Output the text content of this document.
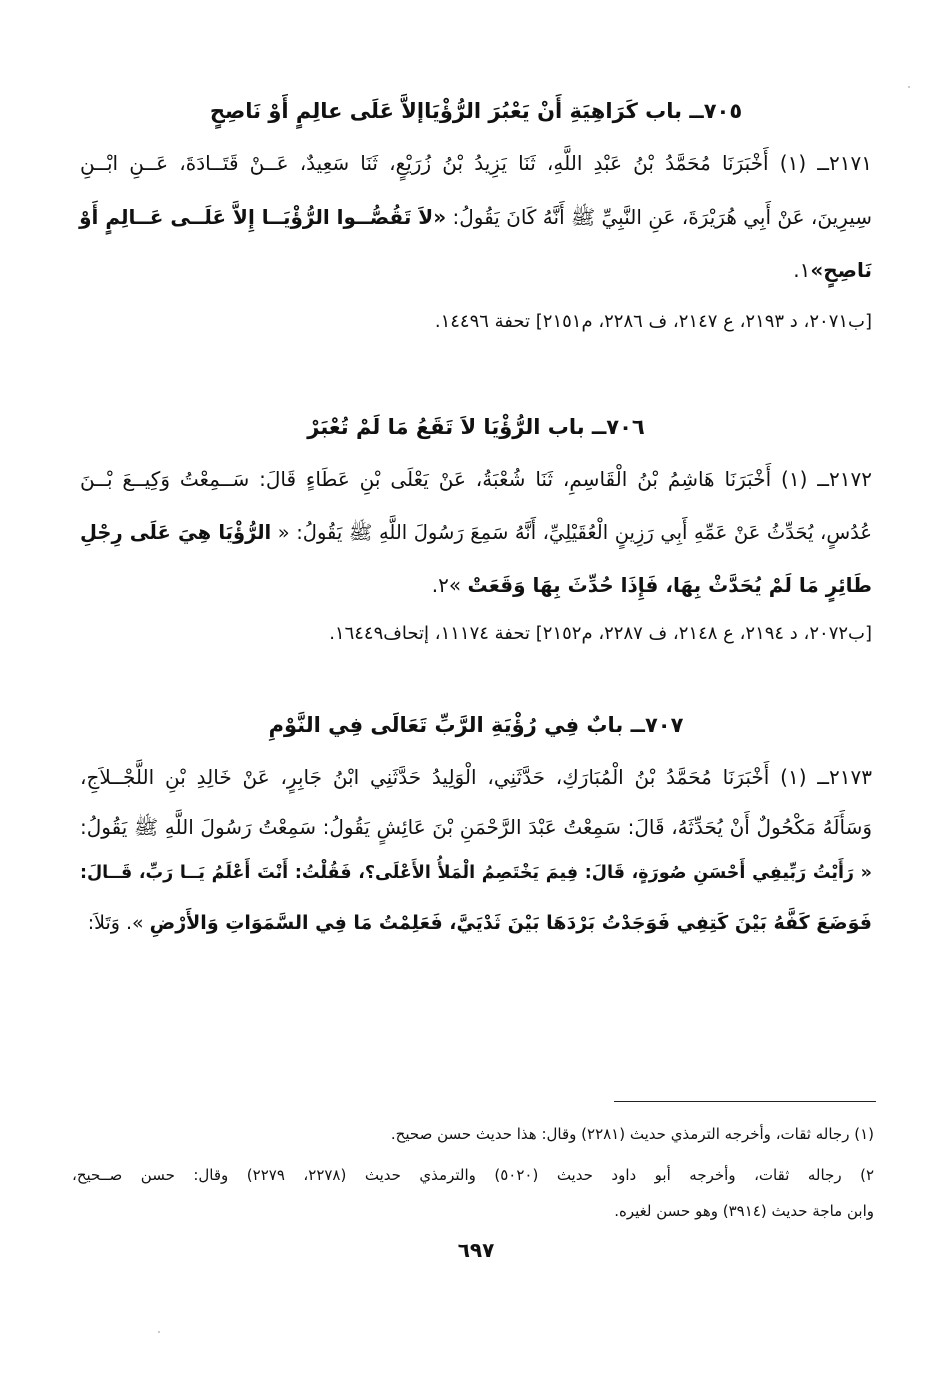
٧٠٥ــ باب كَرَاهِيَةِ أَنْ يَعْبُرَ الرُّؤْيَاإلاَّ عَلَى عالِمٍ أَوْ نَاصِحٍ
٢١٧١ــ (١) أَخْبَرَنَا مُحَمَّدُ بْنُ عَبْدِ اللَّهِ، ثَنَا يَزِيدُ بْنُ زُرَيْعٍ، ثَنَا سَعِيدٌ، عَــنْ قَتَــادَةَ، عَــنِ ابْــنِ
سِيرِينَ، عَنْ أَبِي هُرَيْرَةَ، عَنِ النَّبِيِّ ﷺ أَنَّهُ كَانَ يَقُولُ: «لاَ تَقُصُّــوا الرُّؤْيَــا إِلاَّ عَلَــى عَــالِمٍ أَوْ
نَاصِحٍ»١.
[ب٢٠٧١، د ٢١٩٣، ع ٢١٤٧، ف ٢٢٨٦، م٢١٥١] تحفة ١٤٤٩٦.
٧٠٦ــ باب الرُّؤْيَا لاَ تَقَعُ مَا لَمْ تُعْبَرْ
٢١٧٢ــ (١) أَخْبَرَنَا هَاشِمُ بْنُ الْقَاسِمِ، ثَنَا شُعْبَةُ، عَنْ يَعْلَى بْنِ عَطَاءٍ قَالَ: سَــمِعْتُ وَكِيــعَ بْــنَ
عُدُسٍ، يُحَدِّثُ عَنْ عَمِّهِ أَبِي رَزِينٍ الْعُقَيْلِيِّ، أَنَّهُ سَمِعَ رَسُولَ اللَّهِ ﷺ يَقُولُ: « الرُّؤْيَا هِيَ عَلَى رِجْلِ
طَائِرٍ مَا لَمْ يُحَدَّثْ بِهَا، فَإِذَا حُدِّثَ بِهَا وَقَعَتْ »٢.
[ب٢٠٧٢، د ٢١٩٤، ع ٢١٤٨، ف ٢٢٨٧، م٢١٥٢] تحفة ١١١٧٤، إتحاف١٦٤٤٩.
٧٠٧ــ بابٌ فِي رُؤْيَةِ الرَّبِّ تَعَالَى فِي النَّوْمِ
٢١٧٣ــ (١) أَخْبَرَنَا مُحَمَّدُ بْنُ الْمُبَارَكِ، حَدَّثَنِي، الْوَلِيدُ حَدَّثَنِي ابْنُ جَابِرٍ، عَنْ خَالِدِ بْنِ اللَّجْــلاَجِ،
وَسَأَلَهُ مَكْحُولٌ أَنْ يُحَدِّثَهُ، قَالَ: سَمِعْتُ عَبْدَ الرَّحْمَنِ بْنَ عَائِشٍ يَقُولُ: سَمِعْتُ رَسُولَ اللَّهِ ﷺ يَقُولُ:
« رَأَيْتُ رَبِّيفِي أَحْسَنِ صُورَةٍ، قَالَ: فِيمَ يَخْتَصِمُ الْمَلأُ الأَعْلَى؟، فَقُلْتُ: أَنْتَ أَعْلَمُ يَــا رَبِّ، قَــالَ:
فَوَضَعَ كَفَّهُ بَيْنَ كَتِفِي فَوَجَدْتُ بَرْدَهَا بَيْنَ ثَدْيَيَّ، فَعَلِمْتُ مَا فِي السَّمَوَاتِ وَالأَرْضِ ». وَتَلاَ:
(١) رجاله ثقات، وأخرجه الترمذي حديث (٢٢٨١) وقال: هذا حديث حسن صحيح.
٢) رجاله ثقات، وأخرجه أبو داود حديث (٥٠٢٠) والترمذي حديث (٢٢٧٨، ٢٢٧٩) وقال: حسن صــحيح،
وابن ماجة حديث (٣٩١٤) وهو حسن لغيره.
٦٩٧
